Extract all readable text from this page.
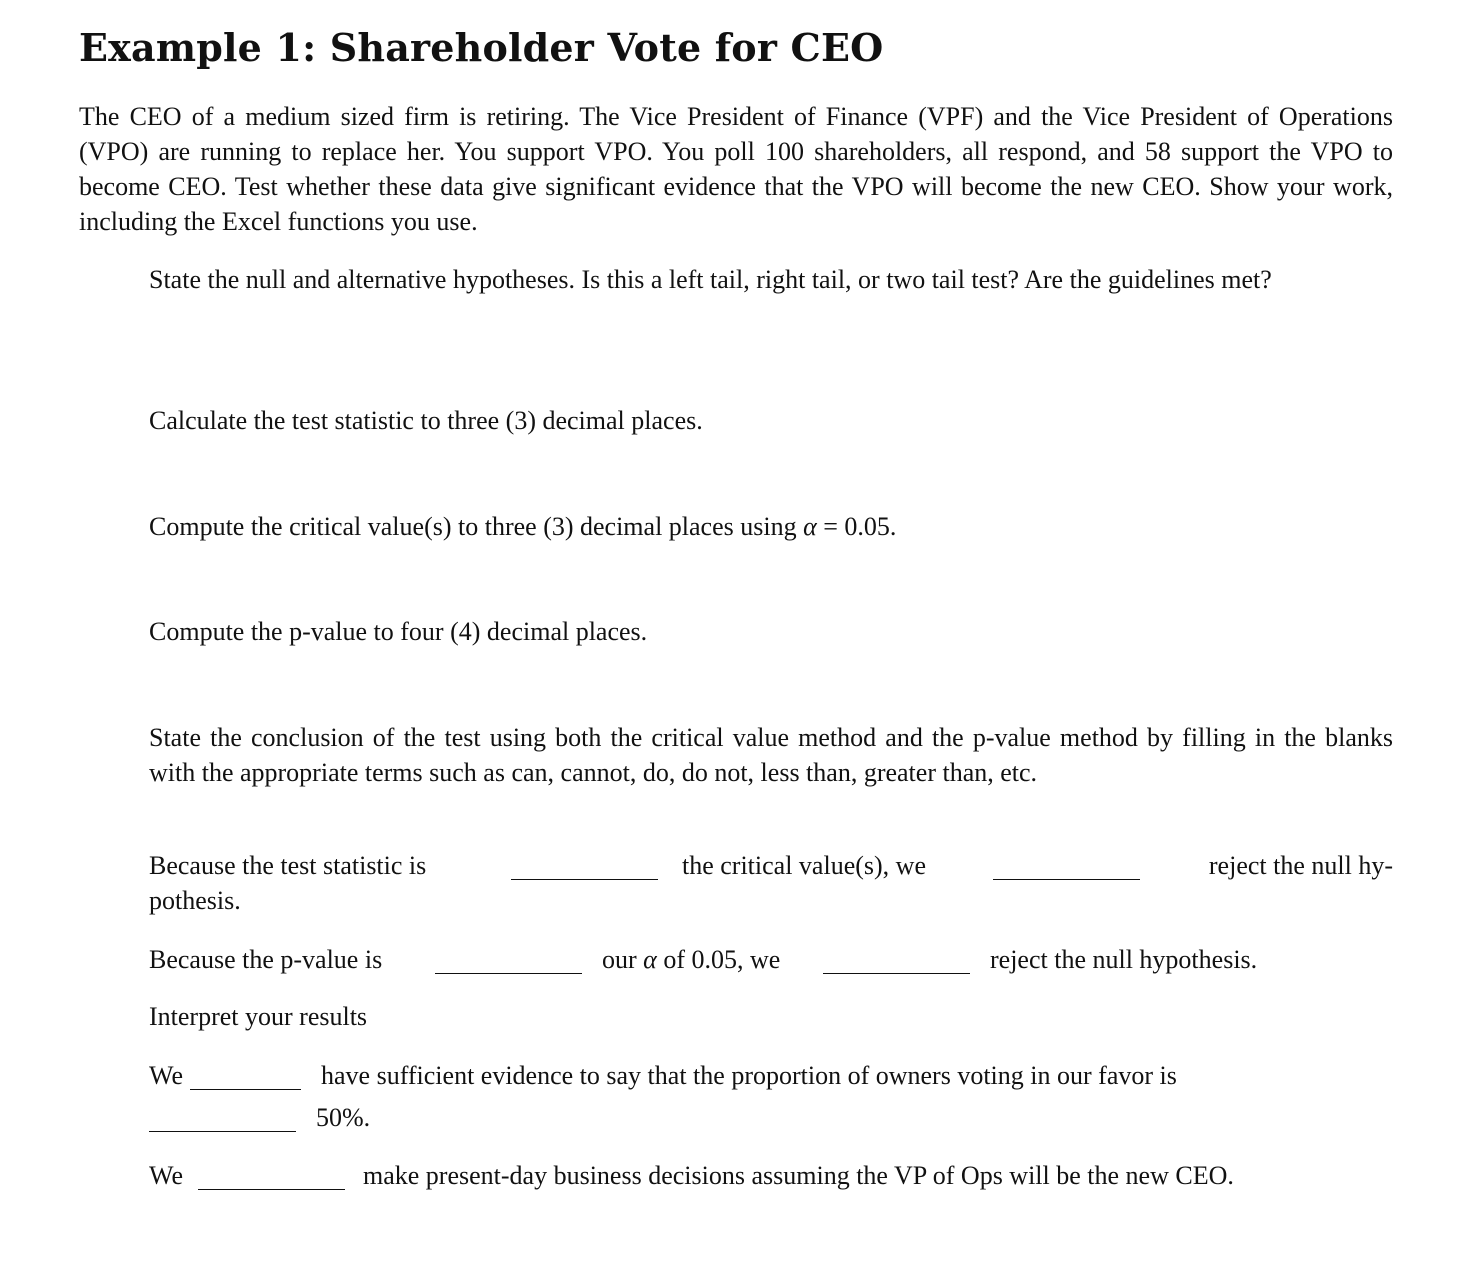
Example 1: Shareholder Vote for CEO

The CEO of a medium sized firm is retiring. The Vice President of Finance (VPF) and the Vice President of Operations (VPO) are running to replace her. You support VPO. You poll 100 shareholders, all respond, and 58 support the VPO to become CEO. Test whether these data give significant evidence that the VPO will become the new CEO. Show your work, including the Excel functions you use.

State the null and alternative hypotheses. Is this a left tail, right tail, or two tail test? Are the guidelines met?
Calculate the test statistic to three (3) decimal places.
Compute the critical value(s) to three (3) decimal places using α = 0.05.
Compute the p-value to four (4) decimal places.
State the conclusion of the test using both the critical value method and the p-value method by filling in the blanks with the appropriate terms such as can, cannot, do, do not, less than, greater than, etc.
Because the test statistic is	the critical value(s), we	reject the null hy-
pothesis.
Because the p-value is	our α of 0.05, we	reject the null hypothesis.
Interpret your results
We	have sufficient evidence to say that the proportion of owners voting in our favor is
50%.
We	make present-day business decisions assuming the VP of Ops will be the new CEO.
